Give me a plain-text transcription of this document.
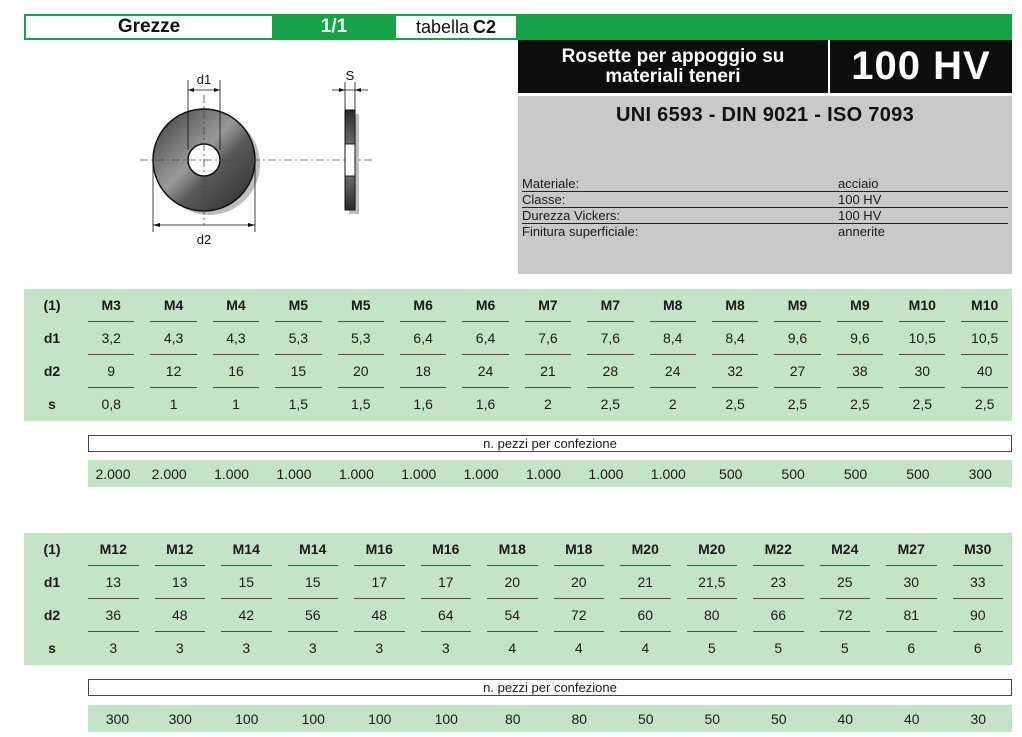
Grezze	1/1	tabella C2
Rosette per appoggio su
materiali teneri	100 HV
UNI 6593 - DIN 9021 - ISO 7093
Materiale:	acciaio
Classe:	100 HV
Durezza Vickers:	100 HV
Finitura superficiale:	annerite
d1
d2
S
(1)	M3	M4	M4	M5	M5	M6	M6	M7	M7	M8	M8	M9	M9	M10	M10
d1	3,2	4,3	4,3	5,3	5,3	6,4	6,4	7,6	7,6	8,4	8,4	9,6	9,6	10,5	10,5
d2	9	12	16	15	20	18	24	21	28	24	32	27	38	30	40
s	0,8	1	1	1,5	1,5	1,6	1,6	2	2,5	2	2,5	2,5	2,5	2,5	2,5
n. pezzi per confezione
2.000	2.000	1.000	1.000	1.000	1.000	1.000	1.000	1.000	1.000	500	500	500	500	300
(1)	M12	M12	M14	M14	M16	M16	M18	M18	M20	M20	M22	M24	M27	M30
d1	13	13	15	15	17	17	20	20	21	21,5	23	25	30	33
d2	36	48	42	56	48	64	54	72	60	80	66	72	81	90
s	3	3	3	3	3	3	4	4	4	5	5	5	6	6
n. pezzi per confezione
300	300	100	100	100	100	80	80	50	50	50	40	40	30
